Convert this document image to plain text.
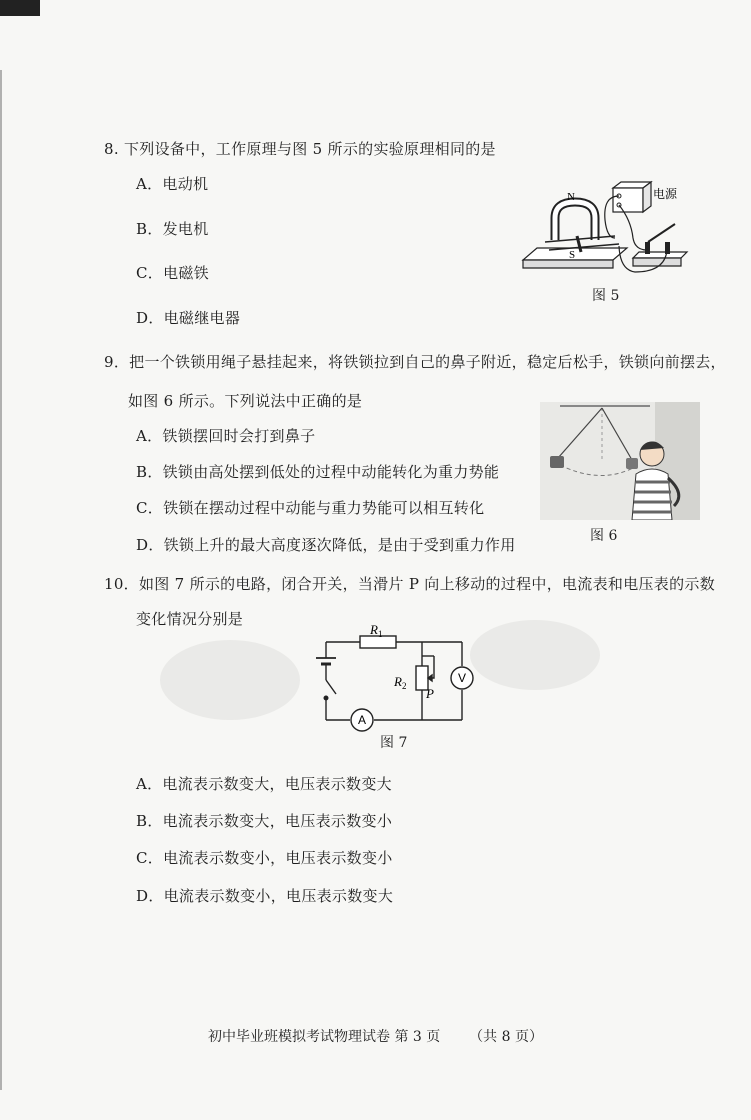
8. 下列设备中，工作原理与图 5 所示的实验原理相同的是
A．电动机
B．发电机
C．电磁铁
D．电磁继电器
N
S
电源
图 5
9．把一个铁锁用绳子悬挂起来，将铁锁拉到自己的鼻子附近，稳定后松手，铁锁向前摆去，
如图 6 所示。下列说法中正确的是
A．铁锁摆回时会打到鼻子
B．铁锁由高处摆到低处的过程中动能转化为重力势能
C．铁锁在摆动过程中动能与重力势能可以相互转化
D．铁锁上升的最大高度逐次降低，是由于受到重力作用	图 6
10．如图 7 所示的电路，闭合开关，当滑片 P 向上移动的过程中，电流表和电压表的示数
变化情况分别是
$R_1$
$R_2$ P
V
A
图 7
A．电流表示数变大，电压表示数变大
B．电流表示数变大，电压表示数变小
C．电流表示数变小，电压表示数变小
D．电流表示数变小，电压表示数变大
初中毕业班模拟考试物理试卷 第 3 页 （共 8 页）
